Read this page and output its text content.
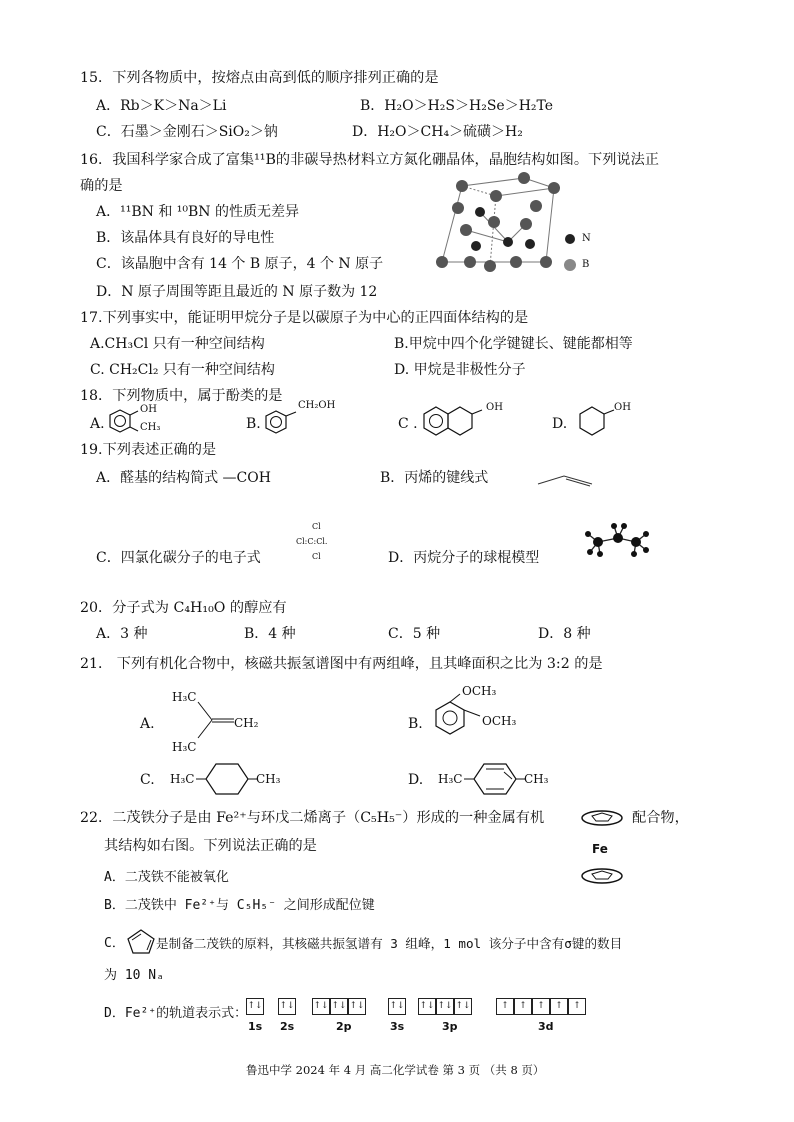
15．下列各物质中，按熔点由高到低的顺序排列正确的是
A．Rb＞K＞Na＞Li	B．H₂O＞H₂S＞H₂Se＞H₂Te
C．石墨＞金刚石＞SiO₂＞钠	D．H₂O＞CH₄＞硫磺＞H₂
16．我国科学家合成了富集¹¹B的非碳导热材料立方氮化硼晶体，晶胞结构如图。下列说法正
确的是
A．¹¹BN 和 ¹⁰BN 的性质无差异
B．该晶体具有良好的导电性
C．该晶胞中含有 14 个 B 原子，4 个 N 原子
D．N 原子周围等距且最近的 N 原子数为 12
N
B
17.下列事实中，能证明甲烷分子是以碳原子为中心的正四面体结构的是
A.CH₃Cl 只有一种空间结构	B.甲烷中四个化学键键长、键能都相等
C. CH₂Cl₂ 只有一种空间结构	D. 甲烷是非极性分子
18．下列物质中，属于酚类的是
A.
OH
CH₃	B.
CH₂OH
C .
OH
D.
OH
19.下列表述正确的是
A．醛基的结构简式 —COH	B．丙烯的键线式
C．四氯化碳分子的电子式
Cl
Cl:C:Cl.
Cl	D．丙烷分子的球棍模型
20．分子式为 C₄H₁₀O 的醇应有
A．3 种	B．4 种	C．5 种	D．8 种
21． 下列有机化合物中，核磁共振氢谱图中有两组峰，且其峰面积之比为 3:2 的是
A.
H₃C
H₃C
CH₂	B.
OCH₃
OCH₃
C. H₃C	CH₃	D. H₃C	CH₃
22．二茂铁分子是由 Fe²⁺与环戊二烯离子（C₅H₅⁻）形成的一种金属有机	配合物，
其结构如右图。下列说法正确的是	Fe
A．二茂铁不能被氧化
B．二茂铁中 Fe²⁺与 C₅H₅⁻ 之间形成配位键
C． 是制备二茂铁的原料，其核磁共振氢谱有 3 组峰，1 mol 该分子中含有σ键的数目
为 10 Nₐ
D．Fe²⁺的轨道表示式： ↑↓ ↑↓ ↑↓ ↑↓ ↑↓	↑↓ ↑↓ ↑↓ ↑↓	↑	↑	↑	↑	↑
1s 2s	2p	3s	3p	3d
鲁迅中学 2024 年 4 月 高二化学试卷 第 3 页 （共 8 页）
